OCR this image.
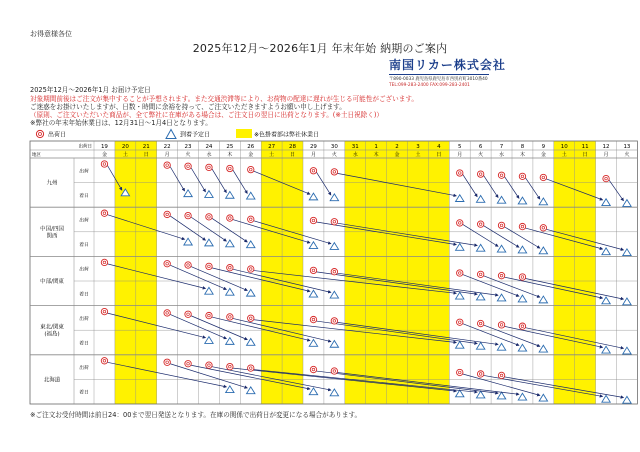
お得意様各位
2025年12月～2026年1月 年末年始 納期のご案内
南国リカー株式会社
〒890-0033 鹿児島県鹿児島市西別府町3010番40
TEL:099-283-2400 FAX:099-283-2401
2025年12月～2026年1月 お届け予定日
対象期間前後はご注文が集中することが予想されます。また交通渋滞等により、お荷物の配達に遅れが生じる可能性がございます。
ご迷惑をお掛けいたしますが、日数・時間に余裕を持って、ご注文いただきますようお願い申し上げます。
（原則、ご注文いただいた商品が、全て弊社に在庫がある場合は、ご注文日の翌日に出荷となります。(※土日祝除く)）
※弊社の年末年始休業日は、12月31日～1月4日となります。
出荷日	到着予定日	※色掛着部は弊社休業日
出荷日
地区
19
金
20
土
21
日
22
月
23
火
24
水
25
木
26
金
27
土
28
日
29
月
30
火
31
水
1
木
2
金
3
土
4
日
5
月
6
火
7
水
8
木
9
金
10
土
11
日
12
月
13
火
九州
出荷
着日
中国/四国
関西
出荷
着日
中部/関東
出荷
着日
東北/関東
(福島)
出荷
着日
北海道
出荷
着日
※ご注文お受付時間は前日24：00まで翌日発送となります。在庫の関係で出荷日が変更になる場合があります。
